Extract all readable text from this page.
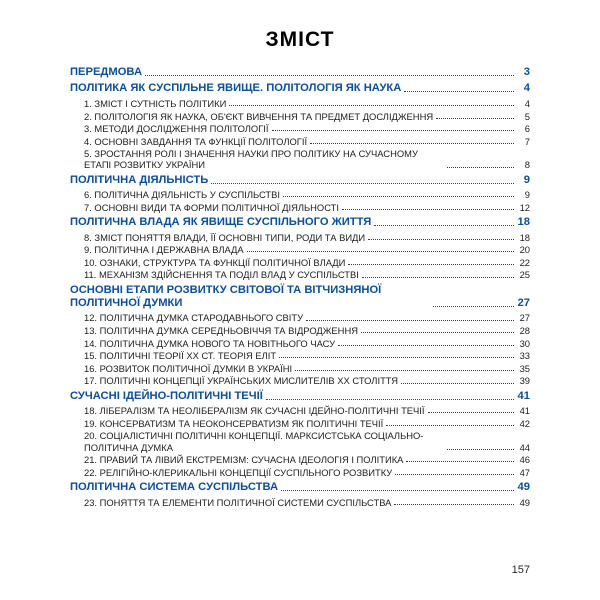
ЗМІСТ
ПЕРЕДМОВА	3
ПОЛІТИКА ЯК СУСПІЛЬНЕ ЯВИЩЕ. ПОЛІТОЛОГІЯ ЯК НАУКА	4
1. ЗМІСТ І СУТНІСТЬ ПОЛІТИКИ	4
2. ПОЛІТОЛОГІЯ ЯК НАУКА, ОБ'ЄКТ ВИВЧЕННЯ ТА ПРЕДМЕТ ДОСЛІДЖЕННЯ	5
3. МЕТОДИ ДОСЛІДЖЕННЯ ПОЛІТОЛОГІЇ	6
4. ОСНОВНІ ЗАВДАННЯ ТА ФУНКЦІЇ ПОЛІТОЛОГІЇ	7
5. ЗРОСТАННЯ РОЛІ І ЗНАЧЕННЯ НАУКИ ПРО ПОЛІТИКУ НА СУЧАСНОМУ ЕТАПІ РОЗВИТКУ УКРАЇНИ	8
ПОЛІТИЧНА ДІЯЛЬНІСТЬ	9
6. ПОЛІТИЧНА ДІЯЛЬНІСТЬ У СУСПІЛЬСТВІ	9
7. ОСНОВНІ ВИДИ ТА ФОРМИ ПОЛІТИЧНОЇ ДІЯЛЬНОСТІ	12
ПОЛІТИЧНА ВЛАДА ЯК ЯВИЩЕ СУСПІЛЬНОГО ЖИТТЯ	18
8. ЗМІСТ ПОНЯТТЯ ВЛАДИ, ЇЇ ОСНОВНІ ТИПИ, РОДИ ТА ВИДИ	18
9. ПОЛІТИЧНА І ДЕРЖАВНА ВЛАДА	20
10. ОЗНАКИ, СТРУКТУРА ТА ФУНКЦІЇ ПОЛІТИЧНОЇ ВЛАДИ	22
11. МЕХАНІЗМ ЗДІЙСНЕННЯ ТА ПОДІЛ ВЛАД У СУСПІЛЬСТВІ	25
ОСНОВНІ ЕТАПИ РОЗВИТКУ СВІТОВОЇ ТА ВІТЧИЗНЯНОЇ ПОЛІТИЧНОЇ ДУМКИ	27
12. ПОЛІТИЧНА ДУМКА СТАРОДАВНЬОГО СВІТУ	27
13. ПОЛІТИЧНА ДУМКА СЕРЕДНЬОВІЧЧЯ ТА ВІДРОДЖЕННЯ	28
14. ПОЛІТИЧНА ДУМКА НОВОГО ТА НОВІТНЬОГО ЧАСУ	30
15. ПОЛІТИЧНІ ТЕОРІЇ XX СТ. ТЕОРІЯ ЕЛІТ	33
16. РОЗВИТОК ПОЛІТИЧНОЇ ДУМКИ В УКРАЇНІ	35
17. ПОЛІТИЧНІ КОНЦЕПЦІЇ УКРАЇНСЬКИХ МИСЛИТЕЛІВ XX СТОЛІТТЯ	39
СУЧАСНІ ІДЕЙНО-ПОЛІТИЧНІ ТЕЧІЇ	41
18. ЛІБЕРАЛІЗМ ТА НЕОЛІБЕРАЛІЗМ ЯК СУЧАСНІ ІДЕЙНО-ПОЛІТИЧНІ ТЕЧІЇ	41
19. КОНСЕРВАТИЗМ ТА НЕОКОНСЕРВАТИЗМ ЯК ПОЛІТИЧНІ ТЕЧІЇ	42
20. СОЦІАЛІСТИЧНІ ПОЛІТИЧНІ КОНЦЕПЦІЇ. МАРКСИСТСЬКА СОЦІАЛЬНО-ПОЛІТИЧНА ДУМКА	44
21. ПРАВИЙ ТА ЛІВИЙ ЕКСТРЕМІЗМ: СУЧАСНА ІДЕОЛОГІЯ І ПОЛІТИКА	46
22. РЕЛІГІЙНО-КЛЕРИКАЛЬНІ КОНЦЕПЦІЇ СУСПІЛЬНОГО РОЗВИТКУ	47
ПОЛІТИЧНА СИСТЕМА СУСПІЛЬСТВА	49
23. ПОНЯТТЯ ТА ЕЛЕМЕНТИ ПОЛІТИЧНОЇ СИСТЕМИ СУСПІЛЬСТВА	49
157
